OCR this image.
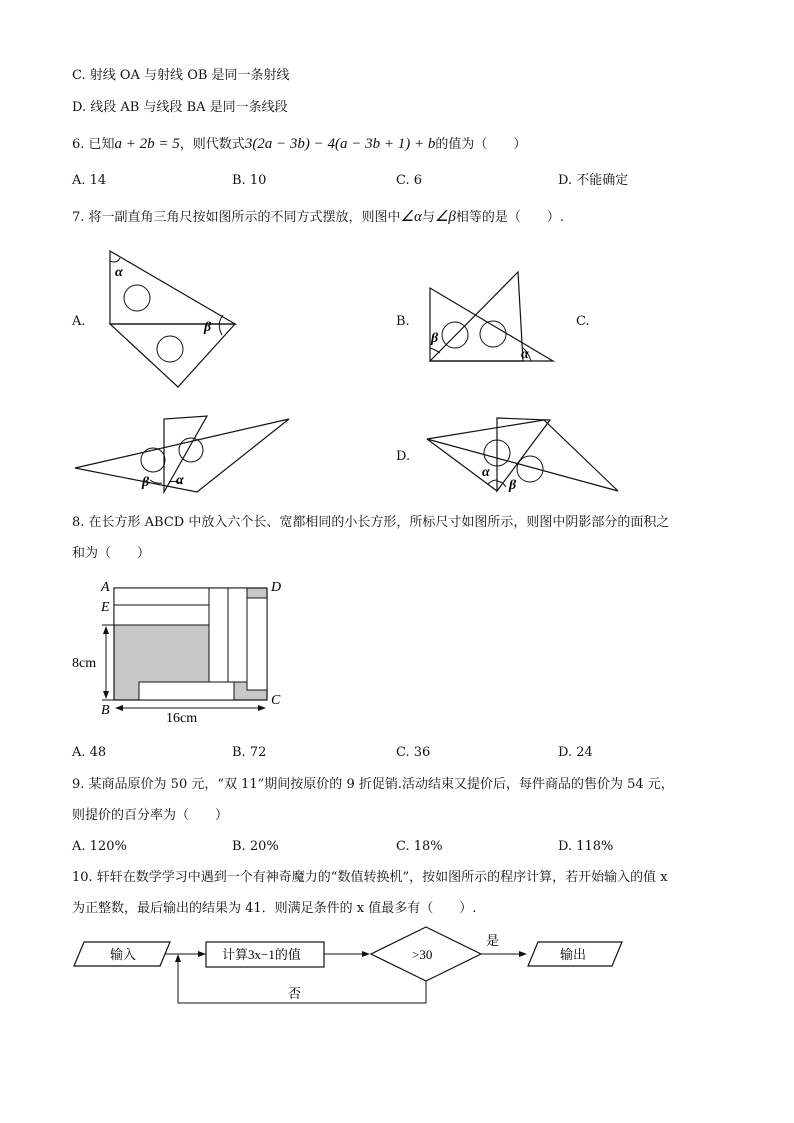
C. 射线 OA 与射线 OB 是同一条射线
D. 线段 AB 与线段 BA 是同一条线段
6. 已知a + 2b = 5，则代数式3(2a − 3b) − 4(a − 3b + 1) + b的值为（　　）
A. 14	B. 10	C. 6	D. 不能确定
7. 将一副直角三角尺按如图所示的不同方式摆放，则图中∠α与∠β相等的是（　　）.
A.	B.	C.
D.
α
β
β
α
β α
α
β
8. 在长方形 ABCD 中放入六个长、宽都相同的小长方形，所标尺寸如图所示，则图中阴影部分的面积之
和为（　　）
A	D
E
B
C
8cm
16cm
A. 48	B. 72	C. 36	D. 24
9. 某商品原价为 50 元，“双 11”期间按原价的 9 折促销.活动结束又提价后，每件商品的售价为 54 元，
则提价的百分率为（　　）
A. 120%	B. 20%	C. 18%	D. 118%
10. 轩轩在数学学习中遇到一个有神奇魔力的“数值转换机”，按如图所示的程序计算，若开始输入的值 x
为正整数，最后输出的结果为 41．则满足条件的 x 值最多有（　　）.
输入	计算3x−1的值	>30
是
输出
否
